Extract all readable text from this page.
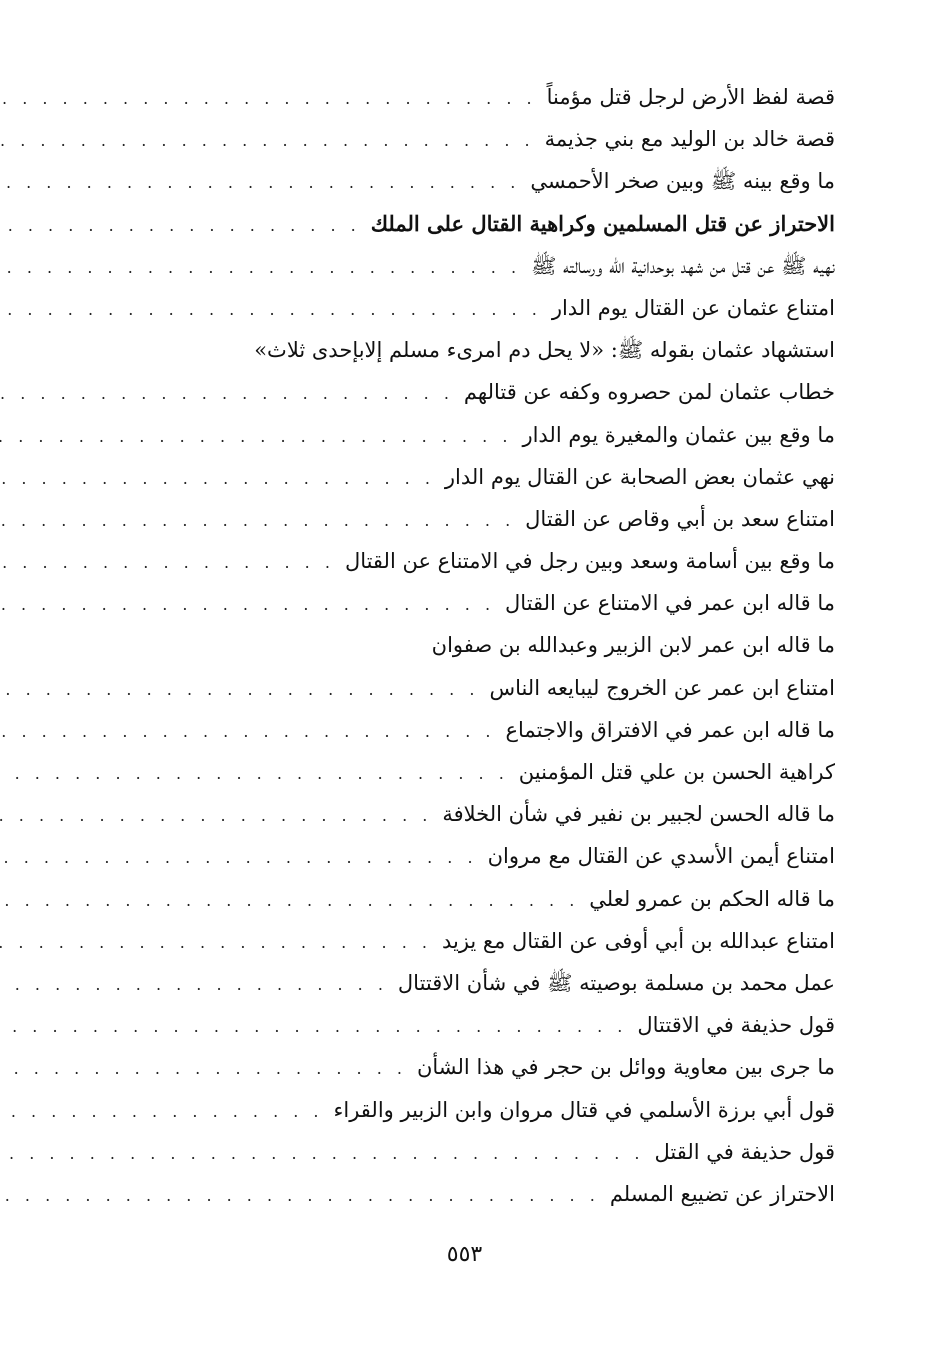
قصة لفظ الأرض لرجل قتل مؤمناً
. . .
قصة خالد بن الوليد مع بني جذيمة
. . .
ما وقع بينه ﷺ وبين صخر الأحمسي
. . .
الاحتراز عن قتل المسلمين وكراهية القتال على الملك
. . .
نهيه ﷺ عن قتل من شهد بوحدانية الله ورسالته ﷺ
. . .
امتناع عثمان عن القتال يوم الدار
. . .
استشهاد عثمان بقوله ﷺ: «لا يحل دم امرىء مسلم إلابإحدى ثلاث»
خطاب عثمان لمن حصروه وكفه عن قتالهم
. . .
ما وقع بين عثمان والمغيرة يوم الدار
. . .
نهي عثمان بعض الصحابة عن القتال يوم الدار
. . .
امتناع سعد بن أبي وقاص عن القتال
. . .
ما وقع بين أسامة وسعد وبين رجل في الامتناع عن القتال
. . .
ما قاله ابن عمر في الامتناع عن القتال
. . .
ما قاله ابن عمر لابن الزبير وعبدالله بن صفوان
امتناع ابن عمر عن الخروج ليبايعه الناس
. . .
ما قاله ابن عمر في الافتراق والاجتماع
. . .
كراهية الحسن بن علي قتل المؤمنين
. . .
ما قاله الحسن لجبير بن نفير في شأن الخلافة
. . .
امتناع أيمن الأسدي عن القتال مع مروان
. . .
ما قاله الحكم بن عمرو لعلي
. . .
امتناع عبدالله بن أبي أوفى عن القتال مع يزيد
. . .
عمل محمد بن مسلمة بوصيته ﷺ في شأن الاقتتال
. . .
قول حذيفة في الاقتتال
. . .
ما جرى بين معاوية ووائل بن حجر في هذا الشأن
. . .
قول أبي برزة الأسلمي في قتال مروان وابن الزبير والقراء
. . .
قول حذيفة في القتل
. . .
الاحتراز عن تضييع المسلم
. . .
٥٥٣
